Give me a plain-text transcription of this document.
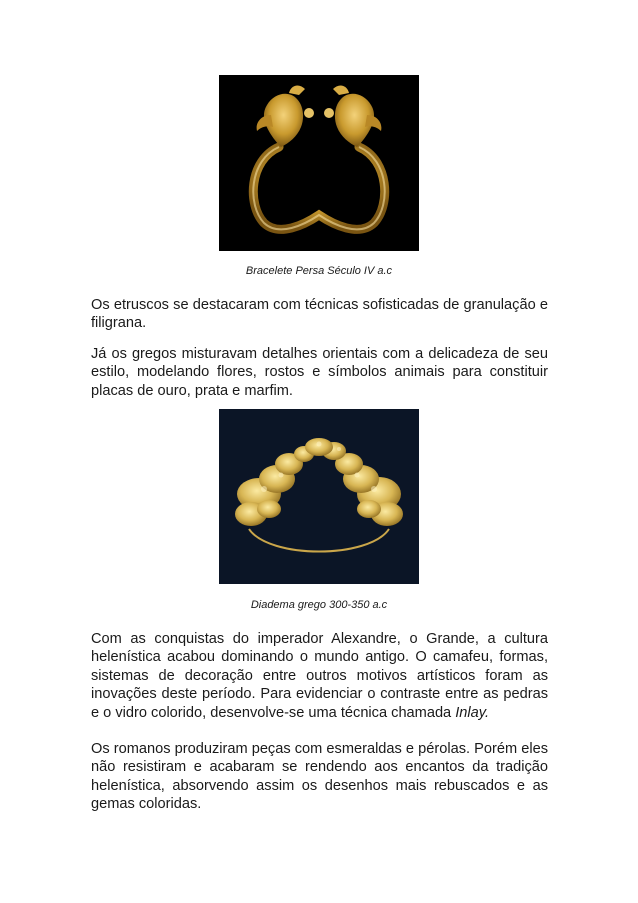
Bracelete Persa Século IV a.c

Os etruscos se destacaram com técnicas sofisticadas de granulação e filigrana.

Já os gregos misturavam detalhes orientais com a delicadeza de seu estilo, modelando flores, rostos e símbolos animais para constituir placas de ouro, prata e marfim.

Diadema grego 300-350 a.c

Com as conquistas do imperador Alexandre, o Grande, a cultura helenística acabou dominando o mundo antigo. O camafeu, formas, sistemas de decoração entre outros motivos artísticos foram as inovações deste período. Para evidenciar o contraste entre as pedras e o vidro colorido, desenvolve-se uma técnica chamada Inlay.

Os romanos produziram peças com esmeraldas e pérolas. Porém eles não resistiram e acabaram se rendendo aos encantos da tradição helenística, absorvendo assim os desenhos mais rebuscados e as gemas coloridas.
